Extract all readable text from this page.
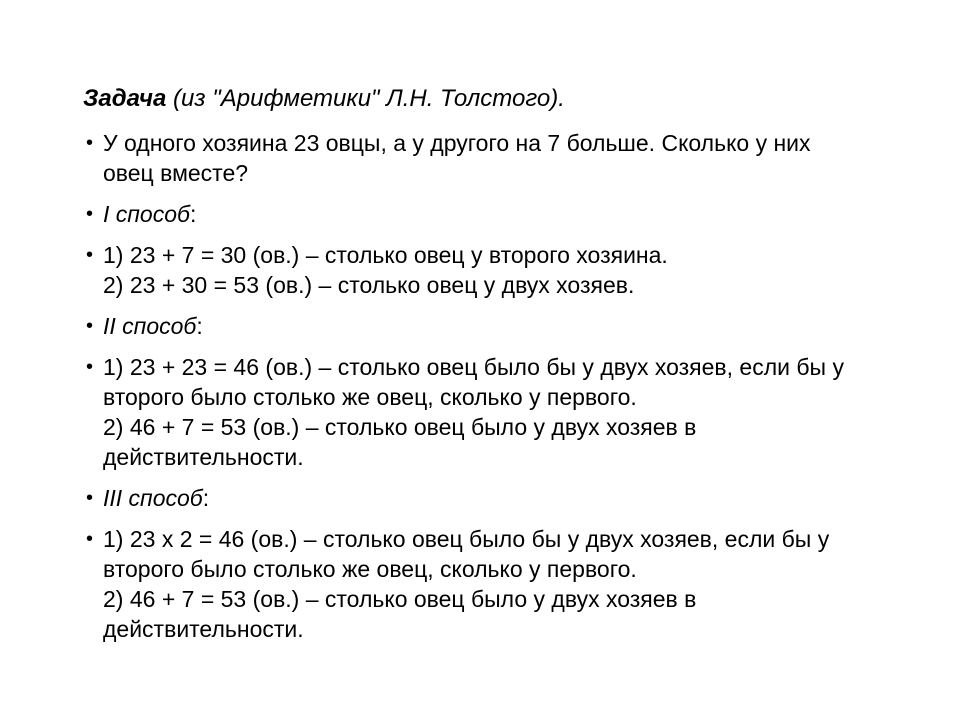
Задача (из "Арифметики" Л.Н. Толстого).
• У одного хозяина 23 овцы, а у другого на 7 больше. Сколько у них
овец вместе?
• I способ:
• 1) 23 + 7 = 30 (ов.) – столько овец у второго хозяина.
2) 23 + 30 = 53 (ов.) – столько овец у двух хозяев.
• II способ:
• 1) 23 + 23 = 46 (ов.) – столько овец было бы у двух хозяев, если бы у
второго было столько же овец, сколько у первого.
2) 46 + 7 = 53 (ов.) – столько овец было у двух хозяев в
действительности.
• III способ:
• 1) 23 x 2 = 46 (ов.) – столько овец было бы у двух хозяев, если бы у
второго было столько же овец, сколько у первого.
2) 46 + 7 = 53 (ов.) – столько овец было у двух хозяев в
действительности.
